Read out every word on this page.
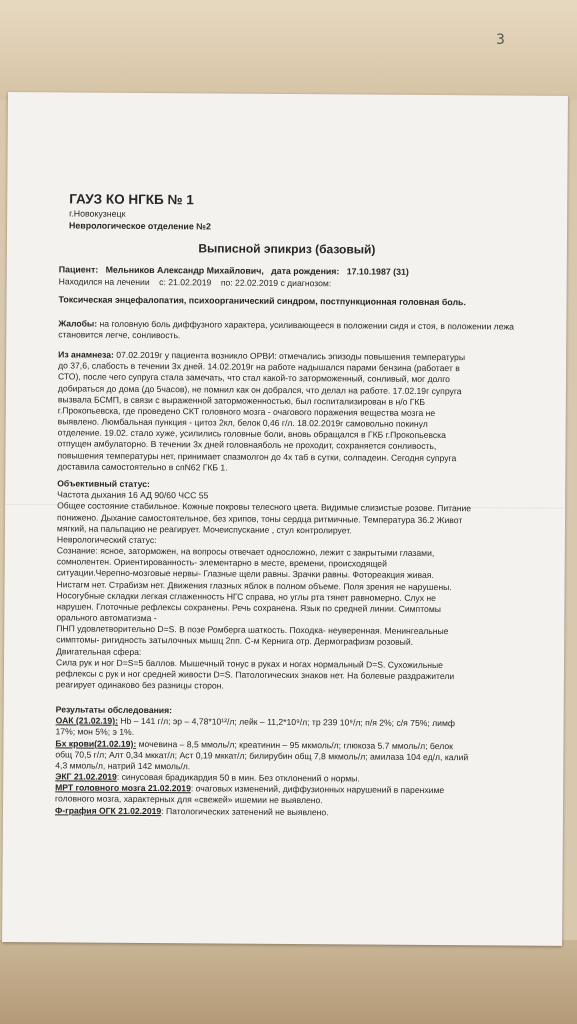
3
ГАУЗ КО НГКБ № 1
г.Новокузнецк
Неврологическое отделение №2
Выписной эпикриз (базовый)
Пациент: Мельников Александр Михайлович, дата рождения: 17.10.1987 (31)
Находился на лечении с: 21.02.2019 по: 22.02.2019 с диагнозом:
Токсическая энцефалопатия, психоорганический синдром, постпункционная головная боль.
Жалобы: на головную боль диффузного характера, усиливающееся в положении сидя и стоя, в положении лежа становится легче, сонливость.

Из анамнеза: 07.02.2019г у пациента возникло ОРВИ: отмечались эпизоды повышения температуры

до 37,6, слабость в течении 3х дней. 14.02.2019г на работе надышался парами бензина (работает в

СТО), после чего супруга стала замечать, что стал какой-то заторможенный, сонливый, мог долго

добираться до дома (до 5часов), не помнил как он добрался, что делал на работе. 17.02.19г супруга

вызвала БСМП, в связи с выраженной заторможенностью, был госпитализирован в н/о ГКБ

г.Прокопьевска, где проведено СКТ головного мозга - очагового поражения вещества мозга не

выявлено. Люмбальная пункция - цитоз 2кл, белок 0,46 г/л. 18.02.2019г самовольно покинул

отделение. 19.02. стало хуже, усилились головные боли, вновь обращался в ГКБ г.Прокопьевска

отпущен амбулаторно. В течении 3х дней головнаяболь не проходит, сохраняется сонливость,

повышения температуры нет, принимает спазмолгон до 4х таб в сутки, солпадеин. Сегодня супруга

доставила самостоятельно в спN62 ГКБ 1.

Объективный статус:

Частота дыхания 16 АД 90/60 ЧСС 55

Общее состояние стабильное. Кожные покровы телесного цвета. Видимые слизистые розове. Питание

понижено. Дыхание самостоятельное, без хрипов, тоны сердца ритмичные. Температура 36.2 Живот

мягкий, на пальпацию не реагирует. Мочеиспускание , стул контролирует.

Неврологический статус:

Сознание: ясное, заторможен, на вопросы отвечает односложно, лежит с закрытыми глазами,

сомнолентен. Ориентированность- элементарно в месте, времени, происходящей

ситуации.Черепно-мозговые нервы- Глазные щели равны. Зрачки равны. Фотореакция живая.

Нистагм нет. Страбизм нет. Движения глазных яблок в полном объеме. Поля зрения не нарушены.

Носогубные складки легкая сглаженность НГС справа, но углы рта тянет равномерно. Слух не

нарушен. Глоточные рефлексы сохранены. Речь сохранена. Язык по средней линии. Симптомы

орального автоматизма -

ПНП удовлетворительно D=S. В позе Ромберга шаткость. Походка- неуверенная. Менингеальные

симптомы- ригидность затылочных мышц 2пп. С-м Кернига отр. Дермографизм розовый.

Двигательная сфера:

Сила рук и ног D=S=5 баллов. Мышечный тонус в руках и ногах нормальный D=S. Сухожильные

рефлексы с рук и ног средней живости D=S. Патологических знаков нет. На болевые раздражители

реагирует одинаково без разницы сторон.

Результаты обследования:

ОАК (21.02.19): Hb – 141 г/л; эр – 4,78*10¹²/л; лейк – 11,2*10⁹/л; тр 239 10⁹/л; п/я 2%; с/я 75%; лимф

17%; мон 5%; э 1%.

Бх крови(21.02.19): мочевина – 8,5 ммоль/л; креатинин – 95 мкмоль/л; глюкоза 5.7 ммоль/л; белок

общ 70,5 г/л; Алт 0,34 мккат/л; Аст 0,19 мккат/л; билирубин общ 7,8 мкмоль/л; амилаза 104 ед/л, калий

4,3 ммоль/л, натрий 142 ммоль/л.

ЭКГ 21.02.2019: синусовая брадикардия 50 в мин. Без отклонений о нормы.

МРТ головного мозга 21.02.2019: очаговых изменений, диффузионных нарушений в паренхиме

головного мозга, характерных для «свежей» ишемии не выявлено.

Ф-графия ОГК 21.02.2019: Патологических затенений не выявлено.
